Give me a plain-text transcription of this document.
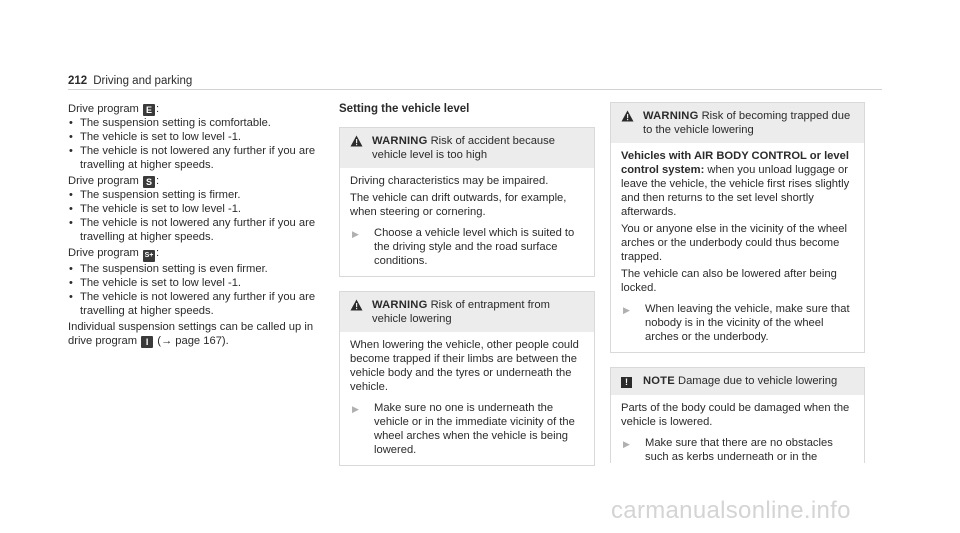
212 Driving and parking

Drive program E :

• The suspension setting is comfortable.
• The vehicle is set to low level -1.
• The vehicle is not lowered any further if you are travelling at higher speeds.

Drive program S :

• The suspension setting is firmer.
• The vehicle is set to low level -1.
• The vehicle is not lowered any further if you are travelling at higher speeds.

Drive program S+ :

• The suspension setting is even firmer.
• The vehicle is set to low level -1.
• The vehicle is not lowered any further if you are travelling at higher speeds.

Individual suspension settings can be called up in drive program I (→ page 167).

Setting the vehicle level
WARNING Risk of accident because vehicle level is too high

Driving characteristics may be impaired.

The vehicle can drift outwards, for example, when steering or cornering.

▶ Choose a vehicle level which is suited to the driving style and the road surface conditions.
WARNING Risk of entrapment from vehicle lowering

When lowering the vehicle, other people could become trapped if their limbs are between the vehicle body and the tyres or underneath the vehicle.

▶ Make sure no one is underneath the vehicle or in the immediate vicinity of the wheel arches when the vehicle is being lowered.
WARNING Risk of becoming trapped due to the vehicle lowering

Vehicles with AIR BODY CONTROL or level control system: when you unload luggage or leave the vehicle, the vehicle first rises slightly and then returns to the set level shortly afterwards.

You or anyone else in the vicinity of the wheel arches or the underbody could thus become trapped.

The vehicle can also be lowered after being locked.

▶ When leaving the vehicle, make sure that nobody is in the vicinity of the wheel arches or the underbody.
!	NOTE Damage due to vehicle lowering

Parts of the body could be damaged when the vehicle is lowered.

▶ Make sure that there are no obstacles such as kerbs underneath or in the
carmanualsonline.info
